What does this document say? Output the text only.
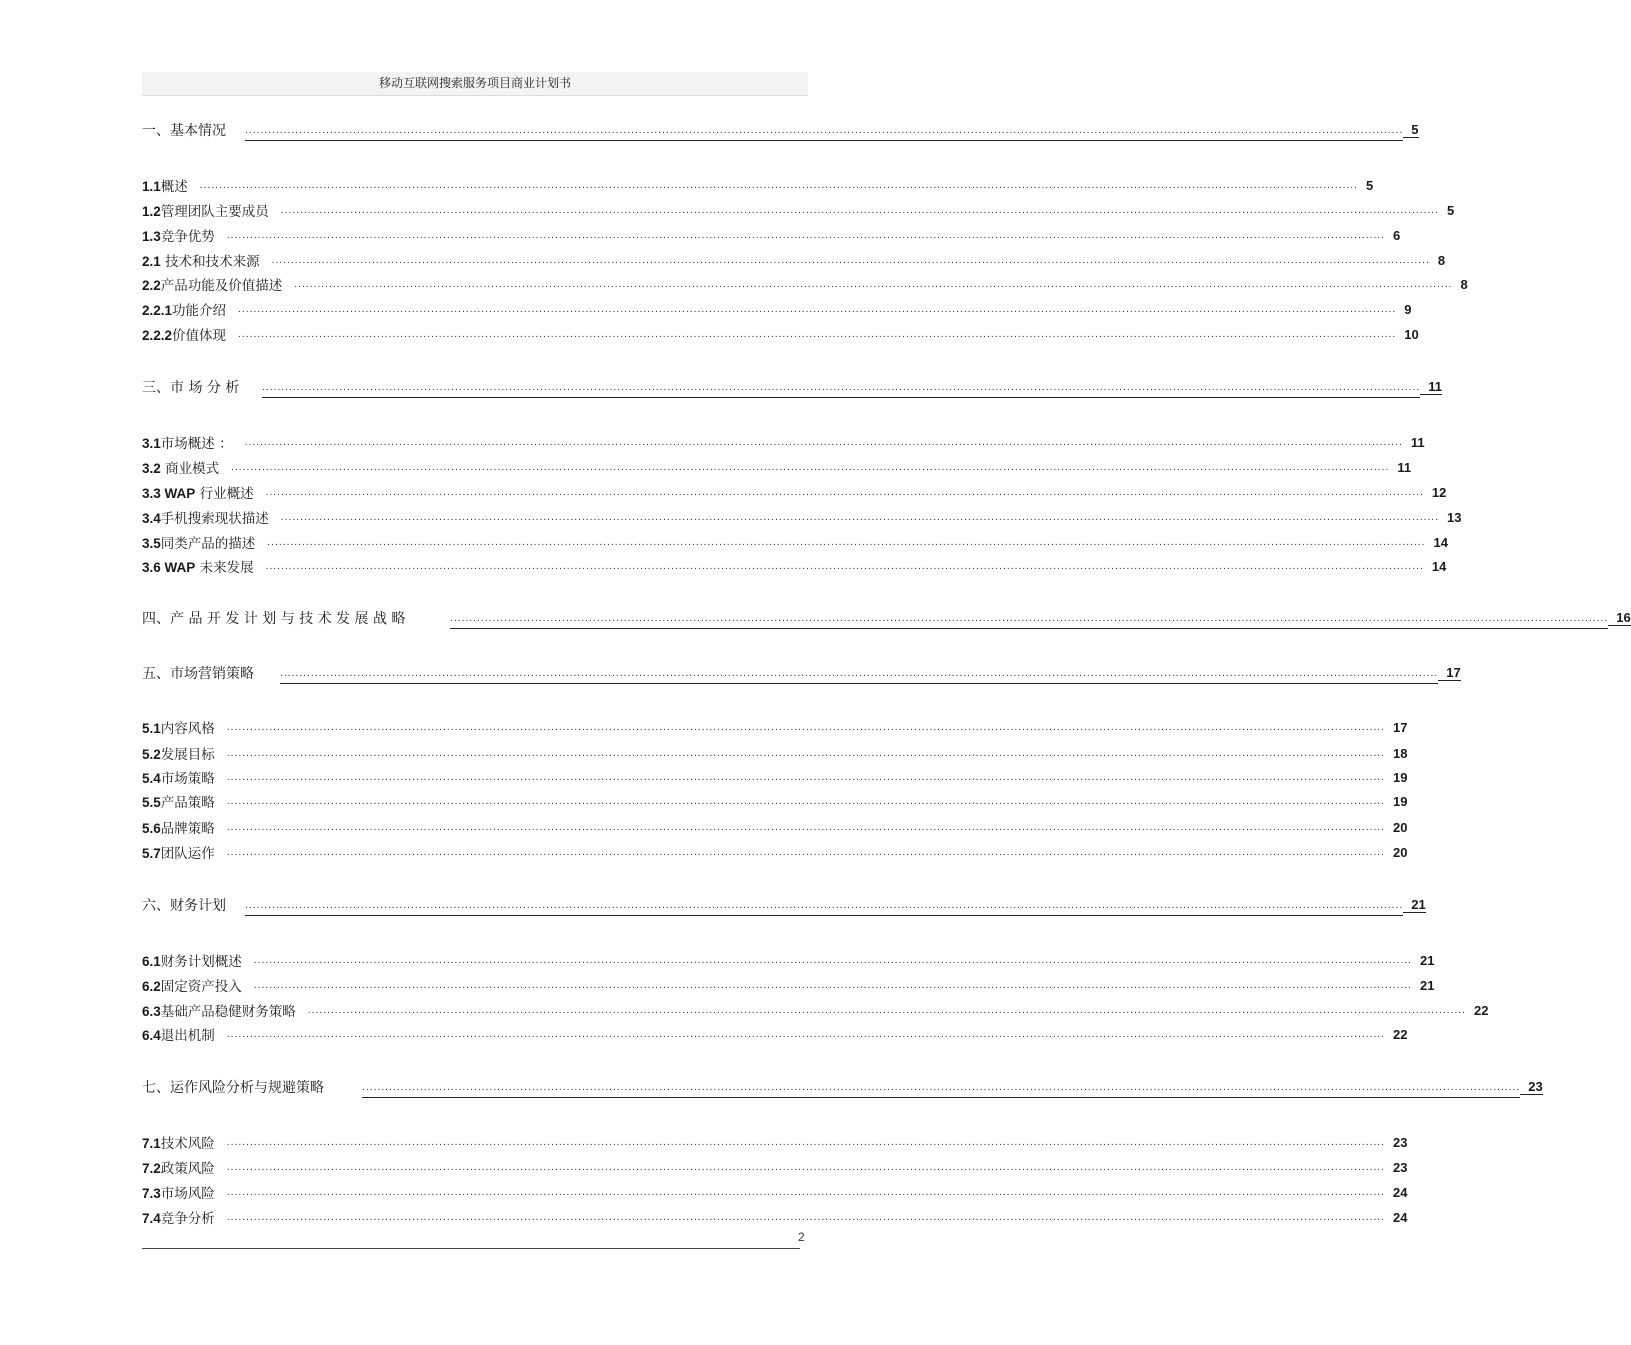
移动互联网搜索服务项目商业计划书
一、基本情况	............................................................................................................................................................................................................................................................................................................ 5
1.1概述	............................................................................................................................................................................................................................................................................................................ 5
1.2管理团队主要成员	............................................................................................................................................................................................................................................................................................................ 5
1.3竞争优势	............................................................................................................................................................................................................................................................................................................ 6
2.1 技术和技术来源	............................................................................................................................................................................................................................................................................................................ 8
2.2产品功能及价值描述	............................................................................................................................................................................................................................................................................................................ 8
2.2.1功能介绍	............................................................................................................................................................................................................................................................................................................ 9
2.2.2价值体现	............................................................................................................................................................................................................................................................................................................ 10
三、市 场 分 析	............................................................................................................................................................................................................................................................................................................ 11
3.1市场概述 ：	............................................................................................................................................................................................................................................................................................................ 11
3.2 商业模式	............................................................................................................................................................................................................................................................................................................ 11
3.3 WAP 行业概述	............................................................................................................................................................................................................................................................................................................ 12
3.4手机搜索现状描述	............................................................................................................................................................................................................................................................................................................ 13
3.5同类产品的描述	............................................................................................................................................................................................................................................................................................................ 14
3.6 WAP 未来发展	............................................................................................................................................................................................................................................................................................................ 14
四、产 品 开 发 计 划 与 技 术 发 展 战 略	............................................................................................................................................................................................................................................................................................................ 16
五、市场营销策略	............................................................................................................................................................................................................................................................................................................ 17
5.1内容风格	............................................................................................................................................................................................................................................................................................................ 17
5.2发展目标	............................................................................................................................................................................................................................................................................................................ 18
5.4市场策略	............................................................................................................................................................................................................................................................................................................ 19
5.5产品策略	............................................................................................................................................................................................................................................................................................................ 19
5.6品牌策略	............................................................................................................................................................................................................................................................................................................ 20
5.7团队运作	............................................................................................................................................................................................................................................................................................................ 20
六、财务计划	............................................................................................................................................................................................................................................................................................................ 21
6.1财务计划概述	............................................................................................................................................................................................................................................................................................................ 21
6.2固定资产投入	............................................................................................................................................................................................................................................................................................................ 21
6.3基础产品稳健财务策略	............................................................................................................................................................................................................................................................................................................ 22
6.4退出机制	............................................................................................................................................................................................................................................................................................................ 22
七、运作风险分析与规避策略	............................................................................................................................................................................................................................................................................................................ 23
7.1技术风险	............................................................................................................................................................................................................................................................................................................ 23
7.2政策风险	............................................................................................................................................................................................................................................................................................................ 23
7.3市场风险	............................................................................................................................................................................................................................................................................................................ 24
7.4竞争分析	............................................................................................................................................................................................................................................................................................................ 24
2
